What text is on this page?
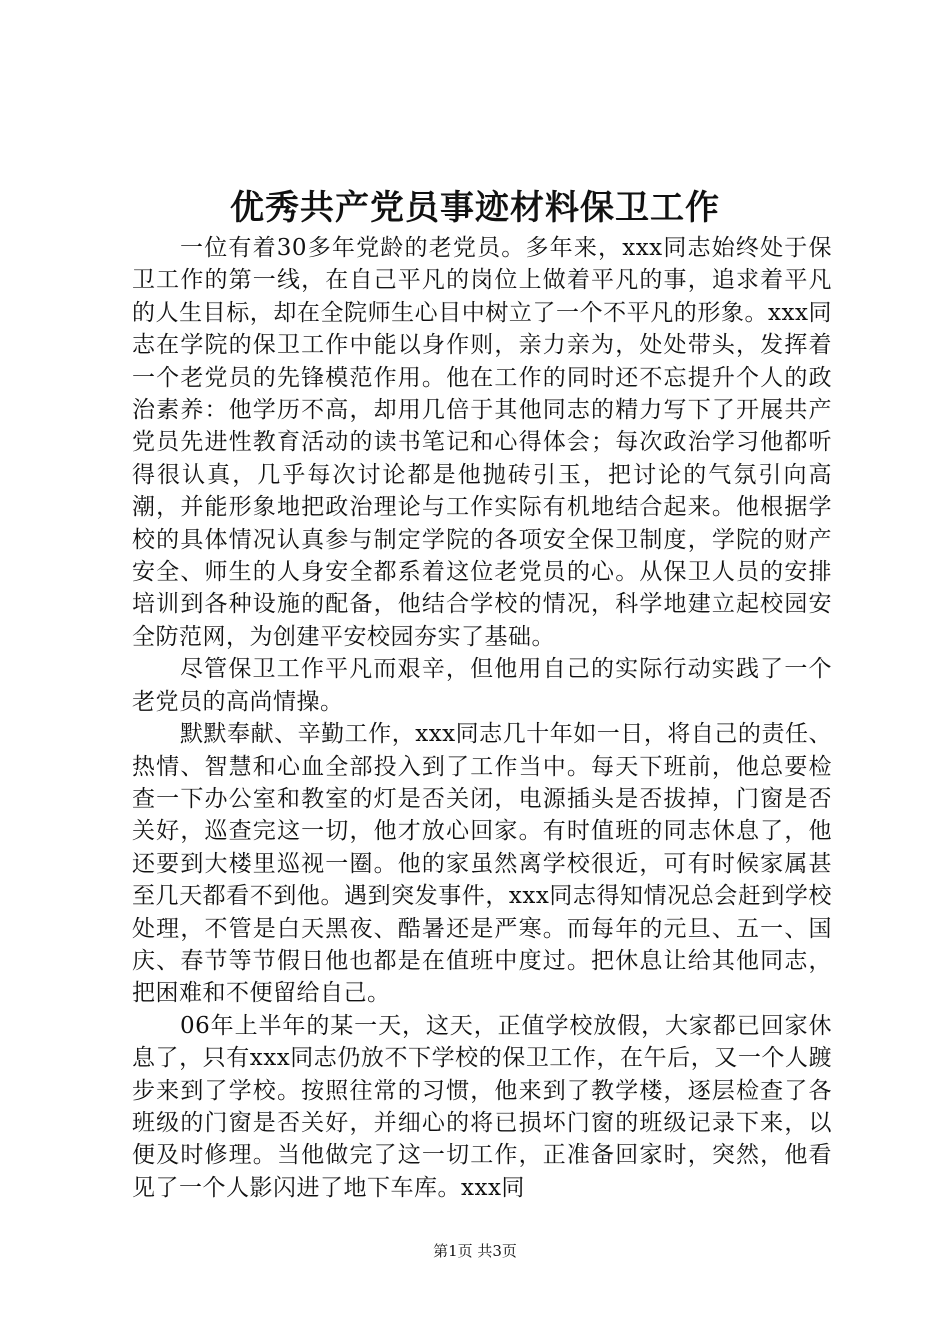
优秀共产党员事迹材料保卫工作

一位有着30多年党龄的老党员。多年来，xxx同志始终处于保卫工作的第一线，在自己平凡的岗位上做着平凡的事，追求着平凡的人生目标，却在全院师生心目中树立了一个不平凡的形象。xxx同志在学院的保卫工作中能以身作则，亲力亲为，处处带头，发挥着一个老党员的先锋模范作用。他在工作的同时还不忘提升个人的政治素养：他学历不高，却用几倍于其他同志的精力写下了开展共产党员先进性教育活动的读书笔记和心得体会；每次政治学习他都听得很认真，几乎每次讨论都是他抛砖引玉，把讨论的气氛引向高潮，并能形象地把政治理论与工作实际有机地结合起来。他根据学校的具体情况认真参与制定学院的各项安全保卫制度，学院的财产安全、师生的人身安全都系着这位老党员的心。从保卫人员的安排培训到各种设施的配备，他结合学校的情况，科学地建立起校园安全防范网，为创建平安校园夯实了基础。

尽管保卫工作平凡而艰辛，但他用自己的实际行动实践了一个老党员的高尚情操。

默默奉献、辛勤工作，xxx同志几十年如一日，将自己的责任、热情、智慧和心血全部投入到了工作当中。每天下班前，他总要检查一下办公室和教室的灯是否关闭，电源插头是否拔掉，门窗是否关好，巡查完这一切，他才放心回家。有时值班的同志休息了，他还要到大楼里巡视一圈。他的家虽然离学校很近，可有时候家属甚至几天都看不到他。遇到突发事件，xxx同志得知情况总会赶到学校处理，不管是白天黑夜、酷暑还是严寒。而每年的元旦、五一、国庆、春节等节假日他也都是在值班中度过。把休息让给其他同志，把困难和不便留给自己。

06年上半年的某一天，这天，正值学校放假，大家都已回家休息了，只有xxx同志仍放不下学校的保卫工作，在午后，又一个人踱步来到了学校。按照往常的习惯，他来到了教学楼，逐层检查了各班级的门窗是否关好，并细心的将已损坏门窗的班级记录下来，以便及时修理。当他做完了这一切工作，正准备回家时，突然，他看见了一个人影闪进了地下车库。xxx同

第1页 共3页
